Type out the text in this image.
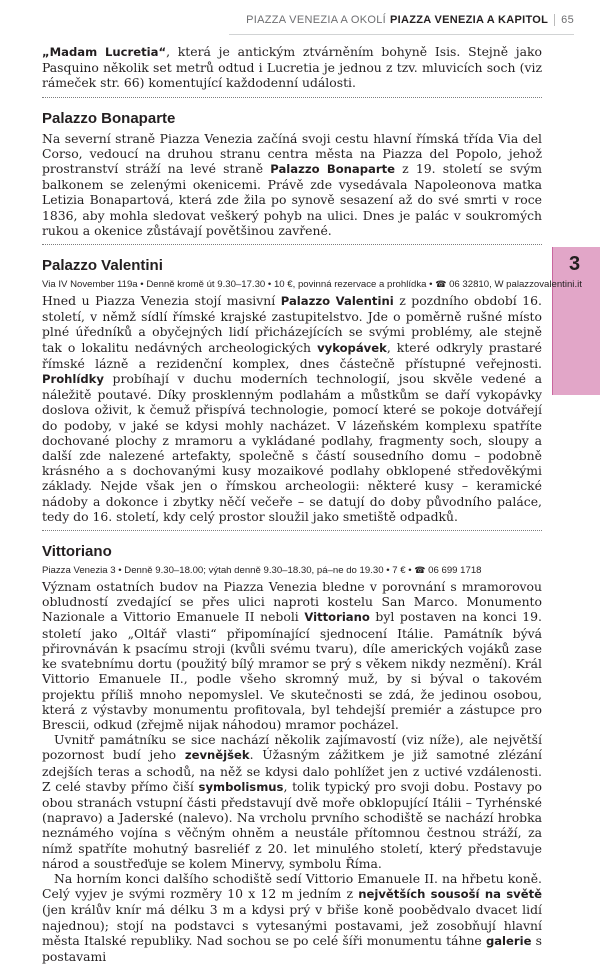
PIAZZA VENEZIA A OKOLÍ PIAZZA VENEZIA A KAPITOL 65
3

„Madam Lucretia“, která je antickým ztvárněním bohyně Isis. Stejně jako Pasquino několik set metrů odtud i Lucretia je jednou z tzv. mluvicích soch (viz rámeček str. 66) komentující každodenní události.

Palazzo Bonaparte

Na severní straně Piazza Venezia začíná svoji cestu hlavní římská třída Via del Corso, vedoucí na druhou stranu centra města na Piazza del Popolo, jehož prostranství stráží na levé straně Palazzo Bonaparte z 19. století se svým balkonem se zelenými okenicemi. Právě zde vysedávala Napoleonova matka Letizia Bonapartová, která zde žila po synově sesazení až do své smrti v roce 1836, aby mohla sledovat veškerý pohyb na ulici. Dnes je palác v soukromých rukou a okenice zůstávají povětšinou zavřené.

Palazzo Valentini
Via IV November 119a • Denně kromě út 9.30–17.30 • 10 €, povinná rezervace a prohlídka • ☎ 06 32810, W palazzovalentini.it

Hned u Piazza Venezia stojí masivní Palazzo Valentini z pozdního období 16. století, v němž sídlí římské krajské zastupitelstvo. Jde o poměrně rušné místo plné úředníků a obyčejných lidí přicházejících se svými problémy, ale stejně tak o lokalitu nedávných archeologických vykopávek, které odkryly prastaré římské lázně a rezidenční komplex, dnes částečně přístupné veřejnosti. Prohlídky probíhají v duchu moderních technologií, jsou skvěle vedené a náležitě poutavé. Díky prosklenným podlahám a můstkům se daří vykopávky doslova oživit, k čemuž přispívá technologie, pomocí které se pokoje dotvářejí do podoby, v jaké se kdysi mohly nacházet. V lázeňském komplexu spatříte dochované plochy z mramoru a vykládané podlahy, fragmenty soch, sloupy a další zde nalezené artefakty, společně s částí sousedního domu – podobně krásného a s dochovanými kusy mozaikové podlahy obklopené středověkými základy. Nejde však jen o římskou archeologii: některé kusy – keramické nádoby a dokonce i zbytky něčí večeře – se datují do doby původního paláce, tedy do 16. století, kdy celý prostor sloužil jako smetiště odpadků.

Vittoriano
Piazza Venezia 3 • Denně 9.30–18.00; výtah denně 9.30–18.30, pá–ne do 19.30 • 7 € • ☎ 06 699 1718

Význam ostatních budov na Piazza Venezia bledne v porovnání s mramorovou obludností zvedající se přes ulici naproti kostelu San Marco. Monumento Nazionale a Vittorio Emanuele II neboli Vittoriano byl postaven na konci 19. století jako „Oltář vlasti“ připomínající sjednocení Itálie. Památník bývá přirovnáván k psacímu stroji (kvůli svému tvaru), díle amerických vojáků zase ke svatebnímu dortu (použitý bílý mramor se prý s věkem nikdy nezmění). Král Vittorio Emanuele II., podle všeho skromný muž, by si býval o takovém projektu příliš mnoho nepomyslel. Ve skutečnosti se zdá, že jedinou osobou, která z výstavby monumentu profitovala, byl tehdejší premiér a zástupce pro Brescii, odkud (zřejmě nijak náhodou) mramor pocházel.

Uvnitř památníku se sice nachází několik zajímavostí (viz níže), ale největší pozornost budí jeho zevnějšek. Úžasným zážitkem je již samotné zlézání zdejších teras a schodů, na něž se kdysi dalo pohlížet jen z uctivé vzdálenosti. Z celé stavby přímo čiší symbolismus, tolik typický pro svoji dobu. Postavy po obou stranách vstupní části představují dvě moře obklopující Itálii – Tyrhénské (napravo) a Jaderské (nalevo). Na vrcholu prvního schodiště se nachází hrobka neznámého vojína s věčným ohněm a neustále přítomnou čestnou stráží, za nímž spatříte mohutný basreliéf z 20. let minulého století, který představuje národ a soustřeďuje se kolem Minervy, symbolu Říma.

Na horním konci dalšího schodiště sedí Vittorio Emanuele II. na hřbetu koně. Celý vyjev je svými rozměry 10 x 12 m jedním z největších sousoší na světě (jen králův knír má délku 3 m a kdysi prý v břiše koně poobědvalo dvacet lidí najednou); stojí na podstavci s vytesanými postavami, jež zosobňují hlavní města Italské republiky. Nad sochou se po celé šíři monumentu táhne galerie s postavami
